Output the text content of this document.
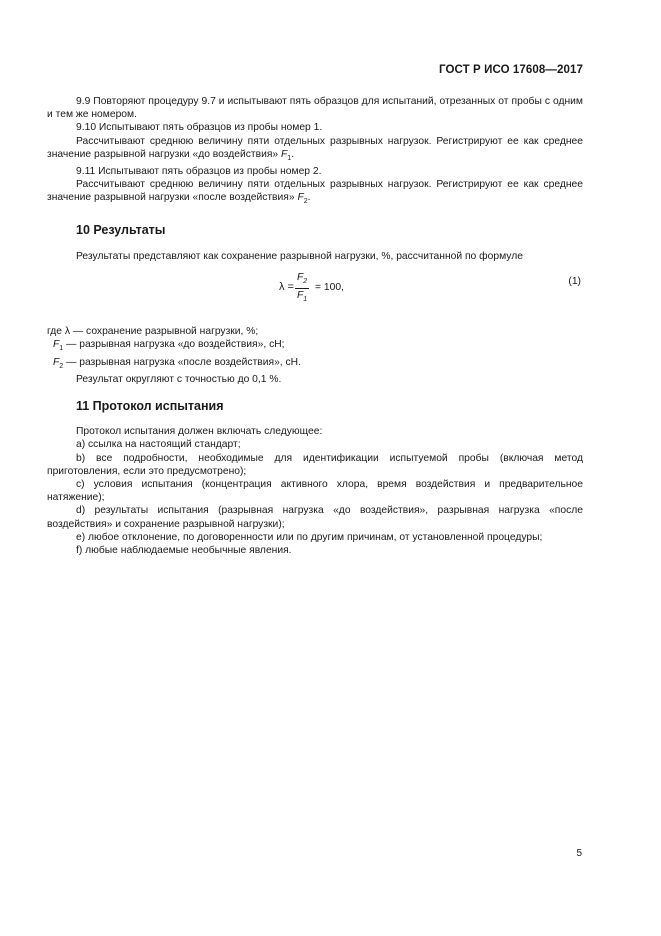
ГОСТ Р ИСО 17608—2017

9.9 Повторяют процедуру 9.7 и испытывают пять образцов для испытаний, отрезанных от пробы с одним и тем же номером.

9.10 Испытывают пять образцов из пробы номер 1.

Рассчитывают среднюю величину пяти отдельных разрывных нагрузок. Регистрируют ее как среднее значение разрывной нагрузки «до воздействия» $F_1$.

9.11 Испытывают пять образцов из пробы номер 2.

Рассчитывают среднюю величину пяти отдельных разрывных нагрузок. Регистрируют ее как среднее значение разрывной нагрузки «после воздействия» $F_2$.

10 Результаты

Результаты представляют как сохранение разрывной нагрузки, %, рассчитанной по формуле

$\lambda = \frac{F_2}{F_1} = 100$,
(1)

где λ — сохранение разрывной нагрузки, %;

$F_1$ — разрывная нагрузка «до воздействия», сН;

$F_2$ — разрывная нагрузка «после воздействия», сН.

Результат округляют с точностью до 0,1 %.

11 Протокол испытания

Протокол испытания должен включать следующее:

a) ссылка на настоящий стандарт;

b) все подробности, необходимые для идентификации испытуемой пробы (включая метод приготовления, если это предусмотрено);

c) условия испытания (концентрация активного хлора, время воздействия и предварительное натяжение);

d) результаты испытания (разрывная нагрузка «до воздействия», разрывная нагрузка «после воздействия» и сохранение разрывной нагрузки);

e) любое отклонение, по договоренности или по другим причинам, от установленной процедуры;

f) любые наблюдаемые необычные явления.

5
